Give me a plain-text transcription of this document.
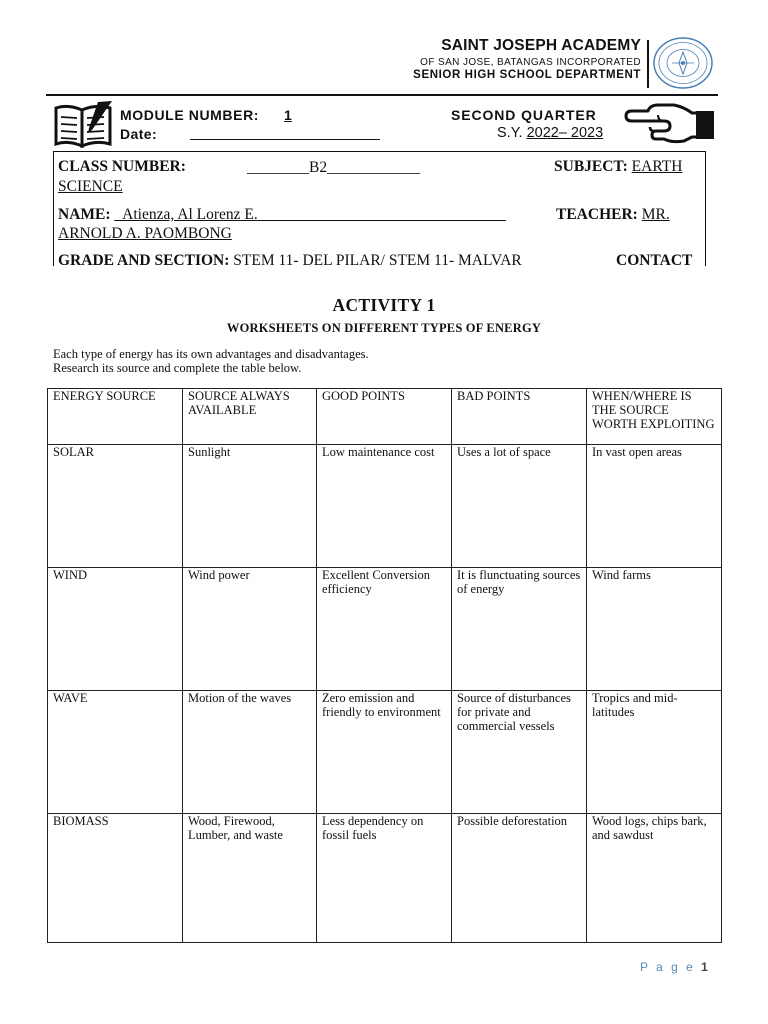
SAINT JOSEPH ACADEMY
OF SAN JOSE, BATANGAS INCORPORATED
SENIOR HIGH SCHOOL DEPARTMENT
MODULE NUMBER: 1
Date:
SECOND QUARTER
S.Y. 2022– 2023
CLASS NUMBER:	________B2____________	SUBJECT: EARTH
SCIENCE
NAME: _Atienza, Al Lorenz E.________________________________	TEACHER: MR.
ARNOLD A. PAOMBONG
GRADE AND SECTION: STEM 11- DEL PILAR/ STEM 11- MALVAR	CONTACT
ACTIVITY 1
WORKSHEETS ON DIFFERENT TYPES OF ENERGY
Each type of energy has its own advantages and disadvantages.
Research its source and complete the table below.
ENERGY SOURCE	SOURCE ALWAYS AVAILABLE	GOOD POINTS	BAD POINTS	WHEN/WHERE IS THE SOURCE WORTH EXPLOITING
SOLAR	Sunlight	Low maintenance cost	Uses a lot of space	In vast open areas
WIND	Wind power	Excellent Conversion efficiency	It is flunctuating sources of energy	Wind farms
WAVE	Motion of the waves	Zero emission and friendly to environment	Source of disturbances for private and commercial vessels	Tropics and mid-latitudes
BIOMASS	Wood, Firewood, Lumber, and waste	Less dependency on fossil fuels	Possible deforestation	Wood logs, chips bark, and sawdust
P a g e 1
